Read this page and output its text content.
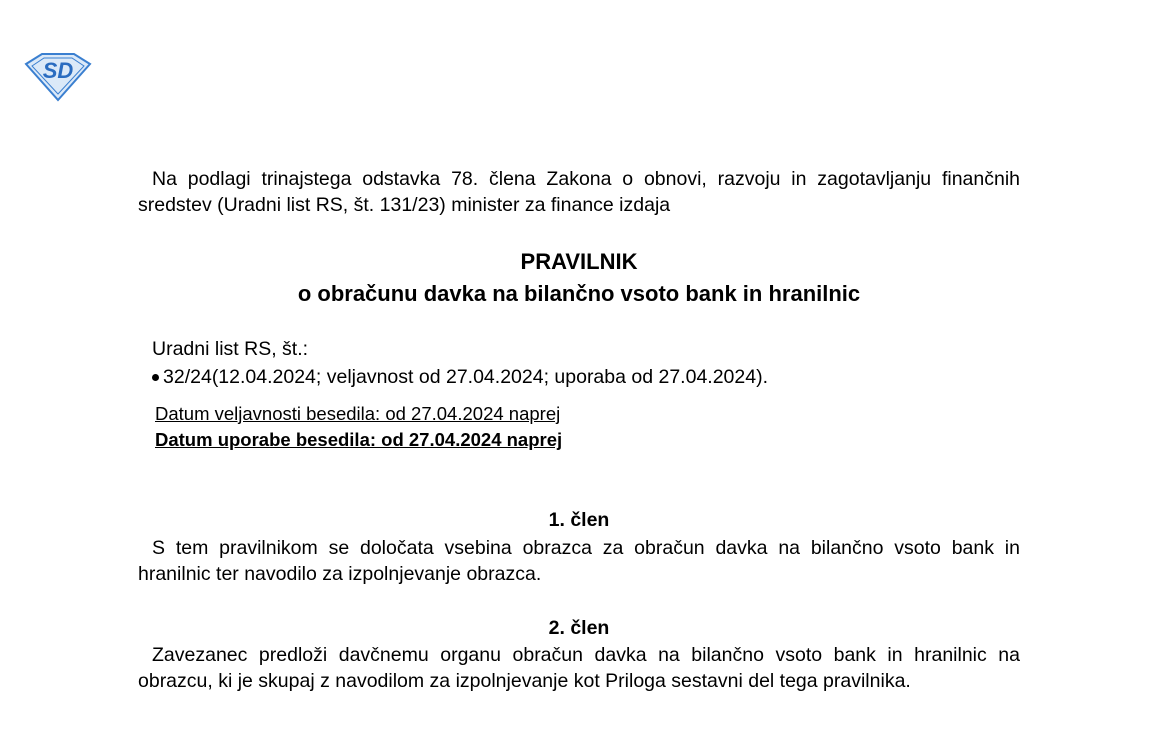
SD

Na podlagi trinajstega odstavka 78. člena Zakona o obnovi, razvoju in zagotavljanju finančnih sredstev (Uradni list RS, št. 131/23) minister za finance izdaja

PRAVILNIK
o obračunu davka na bilančno vsoto bank in hranilnic
Uradni list RS, št.:
32/24 (12.04.2024; veljavnost od 27.04.2024; uporaba od 27.04.2024).
Datum veljavnosti besedila: od 27.04.2024 naprej
Datum uporabe besedila: od 27.04.2024 naprej
1. člen

S tem pravilnikom se določata vsebina obrazca za obračun davka na bilančno vsoto bank in hranilnic ter navodilo za izpolnjevanje obrazca.

2. člen

Zavezanec predloži davčnemu organu obračun davka na bilančno vsoto bank in hranilnic na obrazcu, ki je skupaj z navodilom za izpolnjevanje kot Priloga sestavni del tega pravilnika.
